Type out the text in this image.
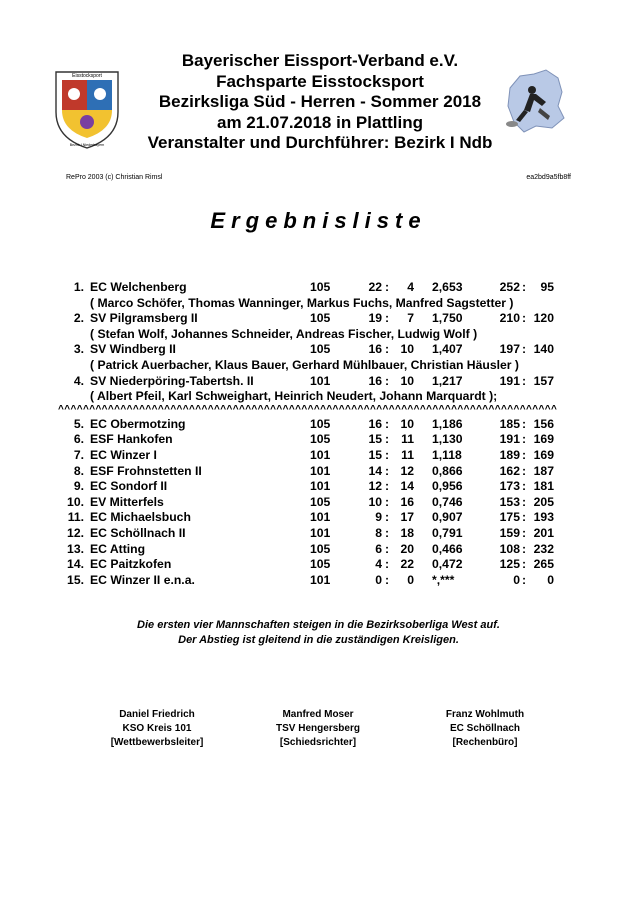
Eisstocksport
Bezirk I Niederbayern
Bayerischer Eissport-Verband e.V.
Fachsparte Eisstocksport
Bezirksliga Süd - Herren - Sommer 2018
am 21.07.2018 in Plattling
Veranstalter und Durchführer: Bezirk I Ndb
RePro 2003 (c) Christian Rimsl	ea2bd9a5fb8ff
Ergebnisliste
1. EC Welchenberg	105	22 :	4 2,653	252 :	95
( Marco Schöfer, Thomas Wanninger, Markus Fuchs, Manfred Sagstetter )
2. SV Pilgramsberg II	105	19 :	7 1,750	210 : 120
( Stefan Wolf, Johannes Schneider, Andreas Fischer, Ludwig Wolf )
3. SV Windberg II	105	16 : 10 1,407	197 : 140
( Patrick Auerbacher, Klaus Bauer, Gerhard Mühlbauer, Christian Häusler )
4. SV Niederpöring-Tabertsh. II	101	16 : 10 1,217	191 : 157
( Albert Pfeil, Karl Schweighart, Heinrich Neudert, Johann Marquardt );
^^^^^^^^^^^^^^^^^^^^^^^^^^^^^^^^^^^^^^^^^^^^^^^^^^^^^^^^^^^^^^^^^^^^^^^^^^^^^^^^
5. EC Obermotzing	105	16 : 10 1,186	185 : 156
6. ESF Hankofen	105	15 : 11 1,130	191 : 169
7. EC Winzer I	101	15 : 11 1,118	189 : 169
8. ESF Frohnstetten II	101	14 : 12 0,866	162 : 187
9. EC Sondorf II	101	12 : 14 0,956	173 : 181
10. EV Mitterfels	105	10 : 16 0,746	153 : 205
11. EC Michaelsbuch	101	9 : 17 0,907	175 : 193
12. EC Schöllnach II	101	8 : 18 0,791	159 : 201
13. EC Atting	105	6 : 20 0,466	108 : 232
14. EC Paitzkofen	105	4 : 22 0,472	125 : 265
15. EC Winzer II e.n.a.	101	0 :	0 *,***	0 :	0
Die ersten vier Mannschaften steigen in die Bezirksoberliga West auf.
Der Abstieg ist gleitend in die zuständigen Kreisligen.
Daniel Friedrich
KSO Kreis 101
[Wettbewerbsleiter]
Manfred Moser
TSV Hengersberg
[Schiedsrichter]
Franz Wohlmuth
EC Schöllnach
[Rechenbüro]
